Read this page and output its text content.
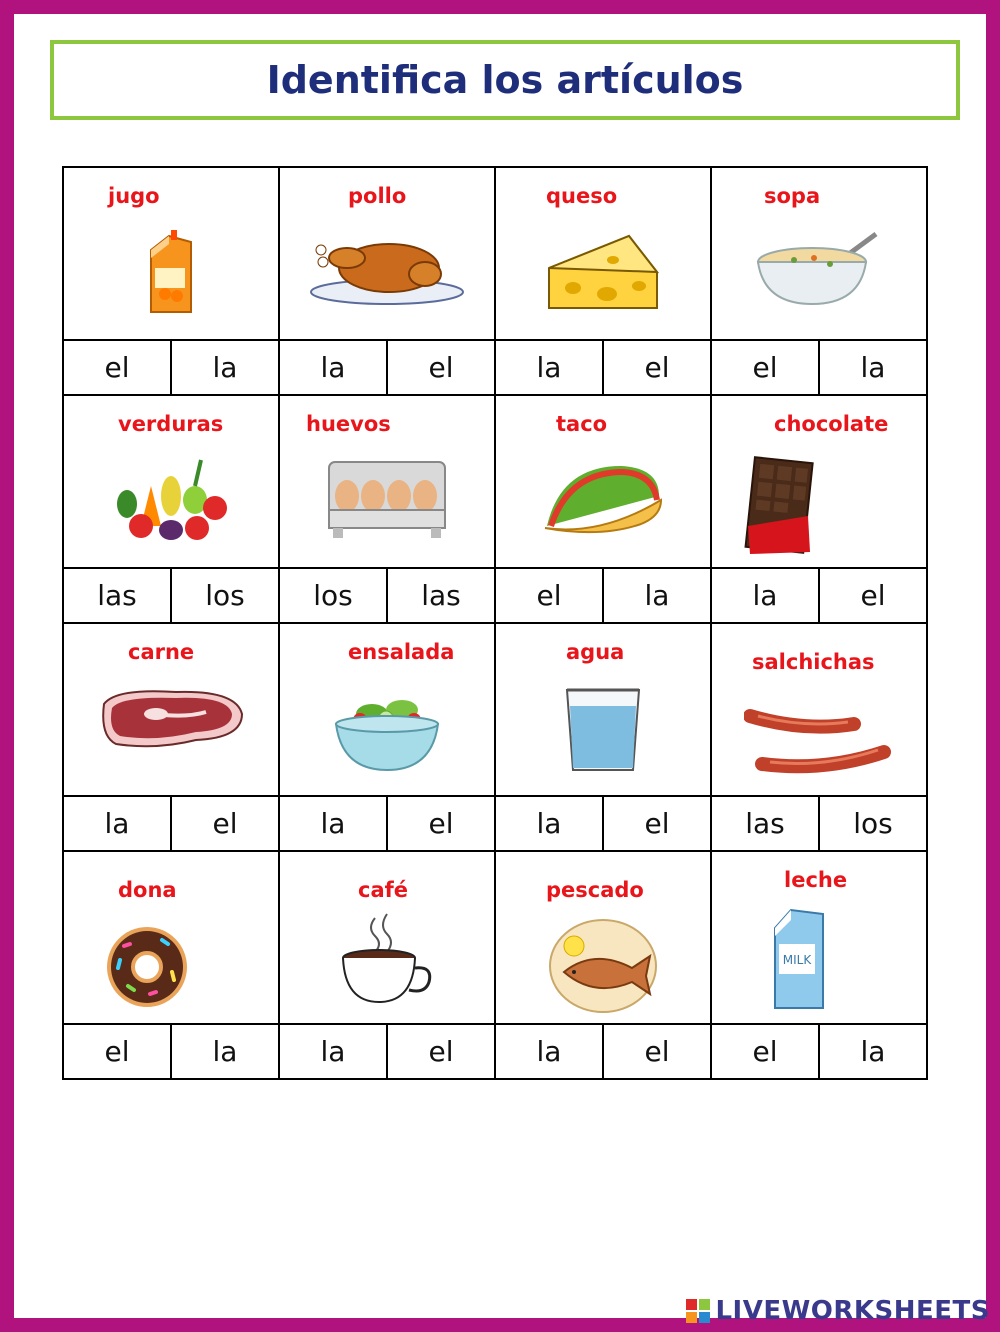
Identifica los artículos
jugo
el	la
pollo
la	el
queso
la	el
sopa
el	la
verduras
las	los
huevos
los	las
taco
el	la
chocolate
la	el
carne
la	el
ensalada
la	el
agua
la	el
salchichas
las	los
dona
el	la
café
la	el
pescado
la	el
leche
MILK
el	la
LIVEWORKSHEETS
